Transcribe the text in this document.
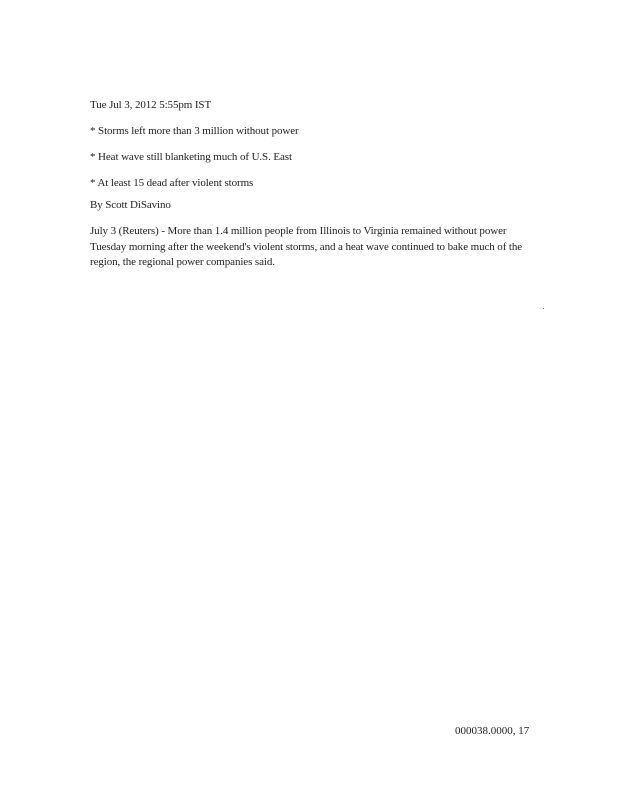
Tue Jul 3, 2012 5:55pm IST
* Storms left more than 3 million without power
* Heat wave still blanketing much of U.S. East
* At least 15 dead after violent storms
By Scott DiSavino
July 3 (Reuters) - More than 1.4 million people from Illinois to Virginia remained without power Tuesday morning after the weekend's violent storms, and a heat wave continued to bake much of the region, the regional power companies said.
000038.0000, 17
